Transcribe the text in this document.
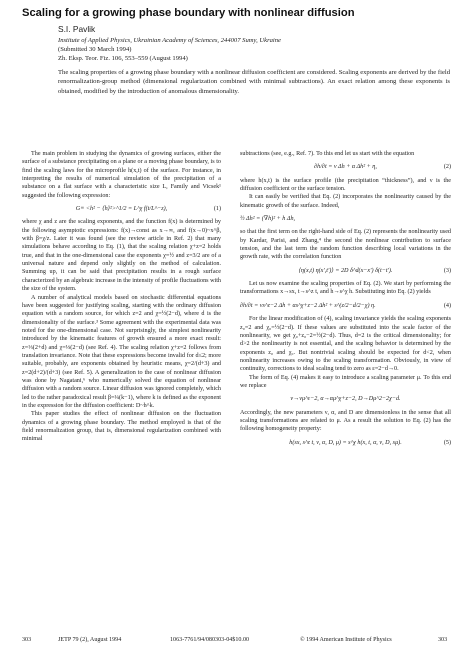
Scaling for a growing phase boundary with nonlinear diffusion
S.I. Pavlik
Institute of Applied Physics, Ukrainian Academy of Sciences, 244007 Sumy, Ukraine
(Submitted 30 March 1994)
Zh. Eksp. Teor. Fiz. 106, 553–559 (August 1994)
The scaling properties of a growing phase boundary with a nonlinear diffusion coefficient are considered. Scaling exponents are derived by the field renormalization-group method (dimensional regularization combined with minimal subtractions). An exact relation among these exponents is obtained, modified by the introduction of anomalous dimensionality.

The main problem in studying the dynamics of growing surfaces, either the surface of a substance precipitating on a plane or a moving phase boundary, is to find the scaling laws for the microprofile h(x,t) of the surface. For instance, in interpreting the results of numerical simulation of the precipitation of a substance on a flat surface with a characteristic size L, Family and Vicsek¹ suggested the following expression:

G≡ <h² − ⟨h⟩²>^1/2 = L^χ f(t/L^−z),	(1)

where χ and z are the scaling exponents, and the function f(x) is determined by the following asymptotic expressions: f(x)→const as x→∞, and f(x→0)~x^β, with β=χ/z. Later it was found (see the review article in Ref. 2) that many simulations behave according to Eq. (1), that the scaling relation χ+z=2 holds true, and that in the one-dimensional case the exponents χ=½ and z=3/2 are of a universal nature and depend only slightly on the method of calculation. Summing up, it can be said that precipitation results in a rough surface characterized by an algebraic increase in the intensity of profile fluctuations with the size of the system.

A number of analytical models based on stochastic differential equations have been suggested for justifying scaling, starting with the ordinary diffusion equation with a random source, for which z=2 and χ=½(2−d), where d is the dimensionality of the surface.³ Some agreement with the experimental data was noted for the one-dimensional case. Not surprisingly, the simplest nonlinearity introduced by the kinematic features of growth ensured a more exact result: z=⅓(2+d) and χ=⅓(2−d) (see Ref. 4). The scaling relation χ+z=2 follows from translation invariance. Note that these expressions become invalid for d≤2; more suitable, probably, are exponents obtained by heuristic means, χ=2/(d+3) and z=2(d+2)/(d+3) (see Ref. 5). A generalization to the case of nonlinear diffusion was done by Nagatani,⁶ who numerically solved the equation of nonlinear diffusion with a random source. Linear diffusion was ignored completely, which led to the rather paradoxical result β=¼(k−1), where k is defined as the exponent in the expression for the diffusion coefficient: D~h^k.

This paper studies the effect of nonlinear diffusion on the fluctuation dynamics of a growing phase boundary. The method employed is that of the field renormalization group, that is, dimensional regularization combined with minimal

subtractions (see, e.g., Ref. 7). To this end let us start with the equation

∂h/∂t = ν Δh + α Δh² + η,	(2)

where h(x,t) is the surface profile (the precipitation “thickness”), and ν is the diffusion coefficient or the surface tension.

It can easily be verified that Eq. (2) incorporates the nonlinearity caused by the kinematic growth of the surface. Indeed,

½ Δh² = (∇h)² + h Δh,

so that the first term on the right-hand side of Eq. (2) represents the nonlinearity used by Kardar, Parisi, and Zhang,⁴ the second the nonlinear contribution to surface tension, and the last term the random function describing local variations in the growth rate, with the correlation function

⟨η(x,t) η(x′,t′)⟩ = 2D δ^d(x−x′) δ(t−t′).	(3)

Let us now examine the scaling properties of Eq. (2). We start by performing the transformations x→sx, t→s^z t, and h→s^χ h. Substituting into Eq. (2) yields

∂h/∂t = νs^z−2 Δh + αs^χ+z−2 Δh² + s^(z/2−d/2−χ) η.	(4)

For the linear modification of (4), scaling invariance yields the scaling exponents z₀=2 and χ₀=½(2−d). If these values are substituted into the scale factor of the nonlinearity, we get χ₀+z₀−2=½(2−d). Thus, d=2 is the critical dimensionality; for d>2 the nonlinearity is not essential, and the scaling behavior is determined by the exponents z₀ and χ₀. But nontrivial scaling should be expected for d<2, when nonlinearity increases owing to the scaling transformation. Obviously, in view of continuity, corrections to ideal scaling tend to zero as ε=2−d→0.

The form of Eq. (4) makes it easy to introduce a scaling parameter μ. To this end we replace

ν→νμ^ε−2, α→αμ^χ+z−2, D→Dμ^2−2χ−d.

Accordingly, the new parameters ν, α, and D are dimensionless in the sense that all scaling transformations are related to μ. As a result the solution to Eq. (2) has the following homogeneity property:

h(sx, s^z t, ν, α, D, μ) = s^χ h(x, t, α, ν, D, sμ).	(5)
303	JETP 79 (2), August 1994	1063-7761/94/080303-04$10.00	© 1994 American Institute of Physics	303
